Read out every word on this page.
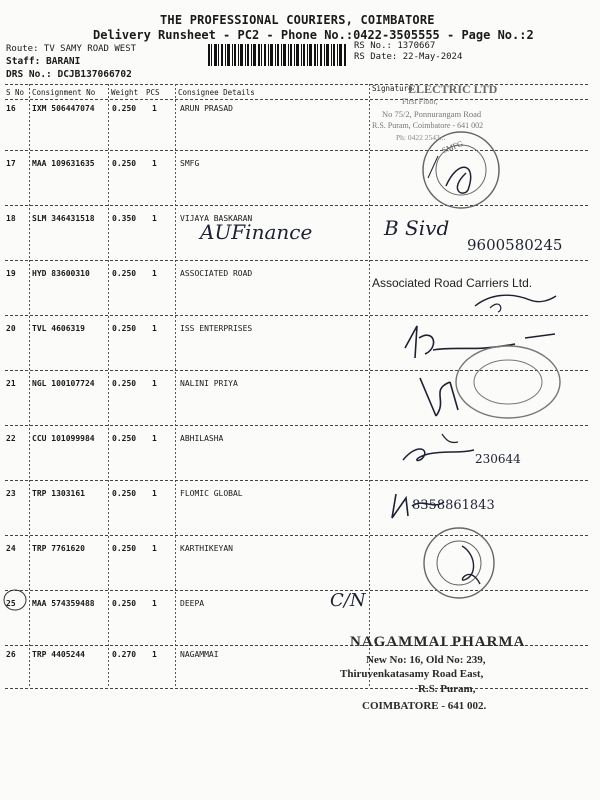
THE PROFESSIONAL COURIERS, COIMBATORE
Delivery Runsheet - PC2 - Phone No.:0422-3505555 - Page No.:2
Route: TV SAMY ROAD WEST
Staff: BARANI
DRS No.: DCJB137066702
RS No.: 1370667
RS Date: 22-May-2024
S No Consignment No Weight PCS Consignee Details	Signature
16 IXM 506447074 0.250 1	ARUN PRASAD
17 MAA 109631635 0.250 1	SMFG
18 SLM 346431518 0.350 1	VIJAYA BASKARAN
19 HYD 83600310	0.250 1	ASSOCIATED ROAD
20 TVL 4606319	0.250 1	ISS ENTERPRISES
21 NGL 100107724 0.250 1	NALINI PRIYA
22 CCU 101099984 0.250 1	ABHILASHA
23 TRP 1303161	0.250 1	FLOMIC GLOBAL
24 TRP 7761620	0.250 1	KARTHIKEYAN
25 MAA 574359488 0.250 1	DEEPA
26 TRP 4405244	0.270 1	NAGAMMAI
ELECTRIC LTD
First Floor,
No 75/2, Ponnurangam Road
R.S. Puram, Coimbatore - 641 002
Ph: 0422 2543...
SMFG
AUFinance	B Sivd
9600580245
Associated Road Carriers Ltd.
230644
8358861843
C/N
NAGAMMAI PHARMA
New No: 16, Old No: 239,
Thiruvenkatasamy Road East,
R.S. Puram,
COIMBATORE - 641 002.
